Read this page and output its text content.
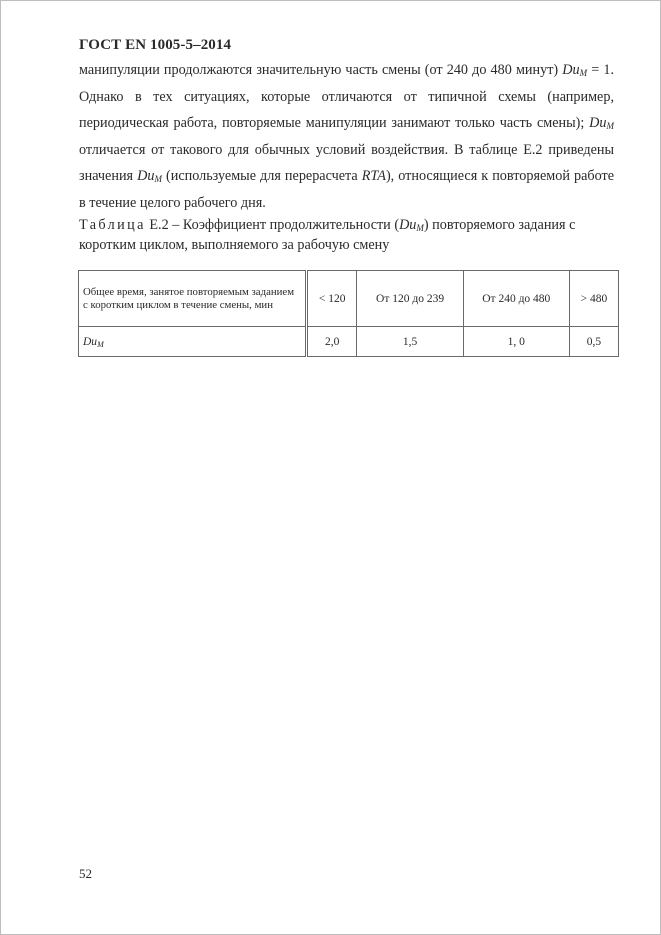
ГОСТ EN 1005-5–2014

манипуляции продолжаются значительную часть смены (от 240 до 480 минут) $Du_M = 1$. Однако в тех ситуациях, которые отличаются от типичной схемы (например, периодическая работа, повторяемые манипуляции занимают только часть смены); $Du_M$ отличается от такового для обычных условий воздействия. В таблице Е.2 приведены значения $Du_M$ (используемые для перерасчета RTA), относящиеся к повторяемой работе в течение целого рабочего дня.

Таблица Е.2 – Коэффициент продолжительности $(Du_M)$ повторяемого задания с коротким циклом, выполняемого за рабочую смену
Общее время, занятое повторяемым заданием с коротким циклом в течение смены, мин	< 120	От 120 до 239	От 240 до 480	> 480
$Du_M$	2,0	1,5	1, 0	0,5
52
